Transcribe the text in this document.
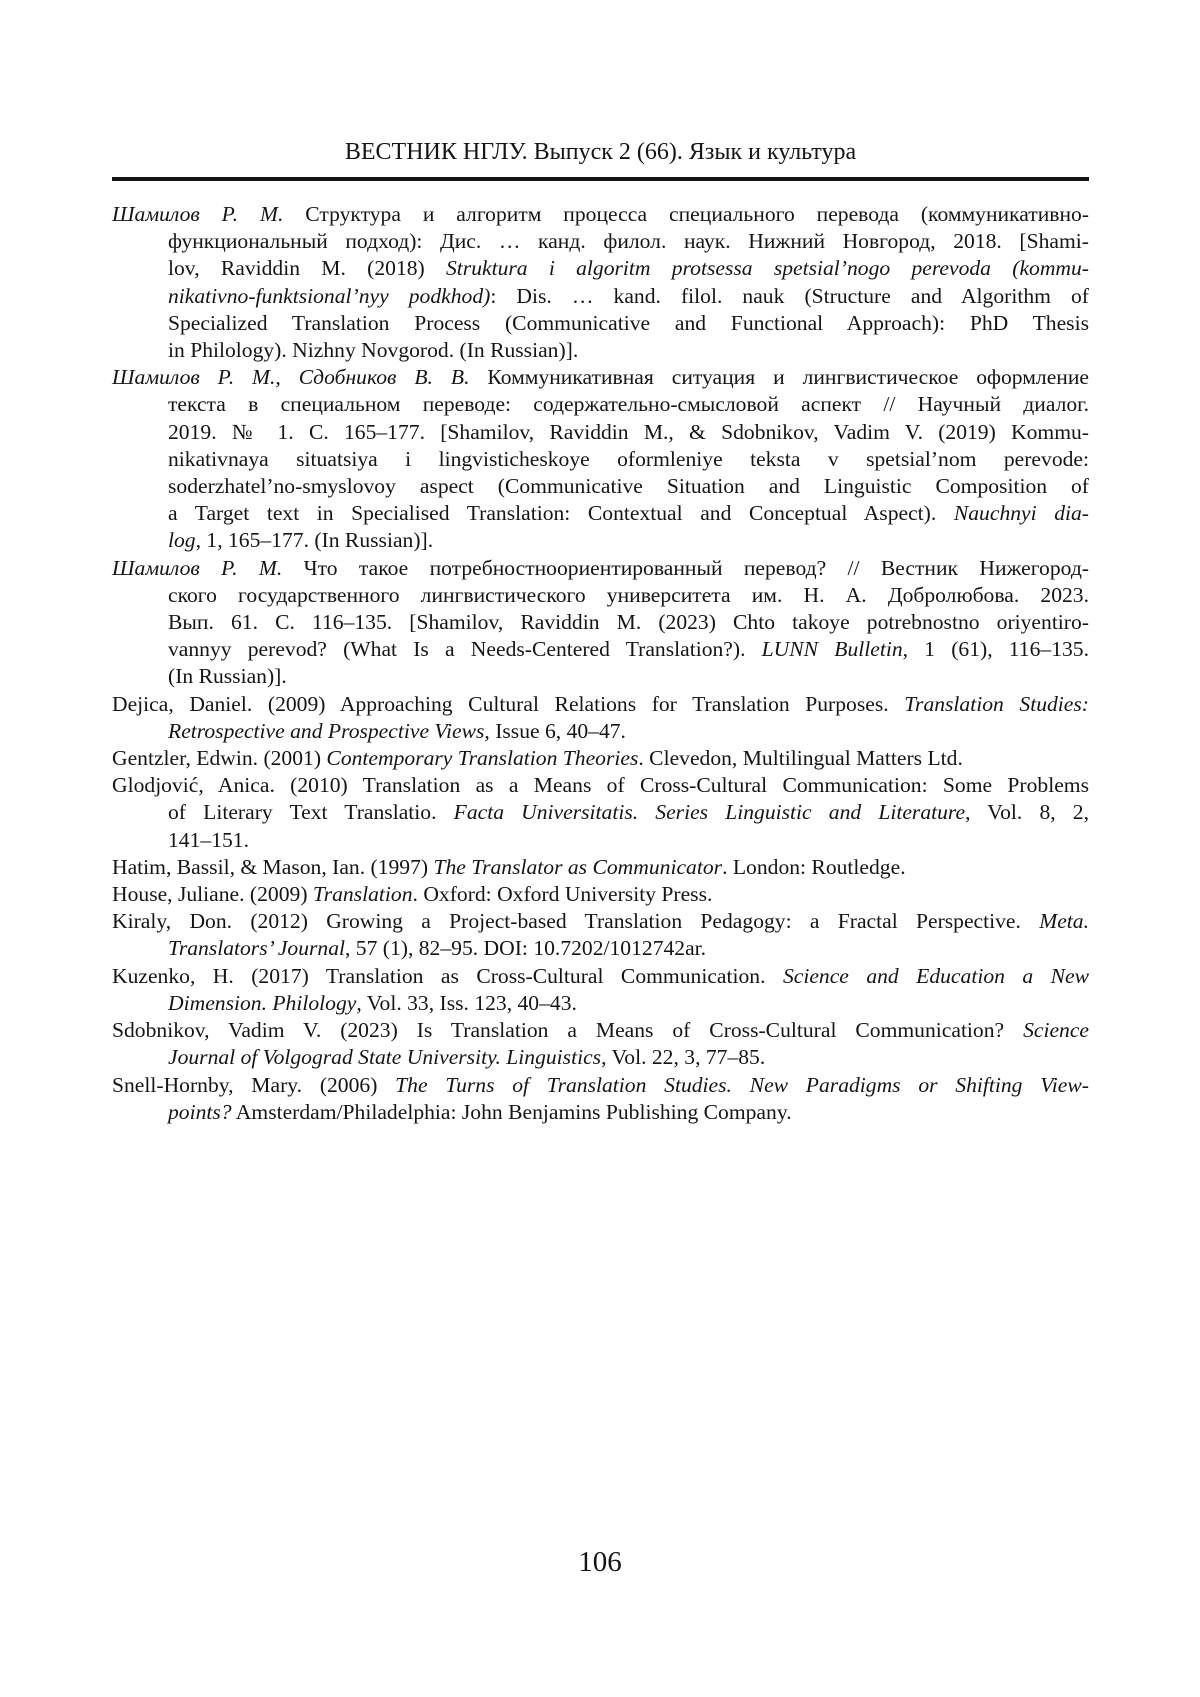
ВЕСТНИК НГЛУ. Выпуск 2 (66). Язык и культура
Шамилов Р. М. Структура и алгоритм процесса специального перевода (коммуникативно-
функциональный подход): Дис. … канд. филол. наук. Нижний Новгород, 2018. [Shami-
lov, Raviddin M. (2018) Struktura i algoritm protsessa spetsial’nogo perevoda (kommu-
nikativno-funktsional’nyy podkhod): Dis. … kand. filol. nauk (Structure and Algorithm of
Specialized Translation Process (Communicative and Functional Approach): PhD Thesis
in Philology). Nizhny Novgorod. (In Russian)].
Шамилов Р. М., Сдобников В. В. Коммуникативная ситуация и лингвистическое оформление
текста в специальном переводе: содержательно-смысловой аспект // Научный диалог.
2019. № 1. С. 165–177. [Shamilov, Raviddin M., & Sdobnikov, Vadim V. (2019) Kommu-
nikativnaya situatsiya i lingvisticheskoye oformleniye teksta v spetsial’nom perevode:
soderzhatel’no-smyslovoy aspect (Communicative Situation and Linguistic Composition of
a Target text in Specialised Translation: Contextual and Conceptual Aspect). Nauchnyi dia-
log, 1, 165–177. (In Russian)].
Шамилов Р. М. Что такое потребностноориентированный перевод? // Вестник Нижегород-
ского государственного лингвистического университета им. Н. А. Добролюбова. 2023.
Вып. 61. С. 116–135. [Shamilov, Raviddin M. (2023) Chto takoye potrebnostno oriyentiro-
vannyy perevod? (What Is a Needs-Centered Translation?). LUNN Bulletin, 1 (61), 116–135.
(In Russian)].
Dejica, Daniel. (2009) Approaching Cultural Relations for Translation Purposes. Translation Studies:
Retrospective and Prospective Views, Issue 6, 40–47.
Gentzler, Edwin. (2001) Contemporary Translation Theories. Clevedon, Multilingual Matters Ltd.
Glodjović, Anica. (2010) Translation as a Means of Cross-Cultural Communication: Some Problems
of Literary Text Translatio. Facta Universitatis. Series Linguistic and Literature, Vol. 8, 2,
141–151.
Hatim, Bassil, & Mason, Ian. (1997) The Translator as Communicator. London: Routledge.
House, Juliane. (2009) Translation. Oxford: Oxford University Press.
Kiraly, Don. (2012) Growing a Project-based Translation Pedagogy: a Fractal Perspective. Meta.
Translators’ Journal, 57 (1), 82–95. DOI: 10.7202/1012742ar.
Kuzenko, H. (2017) Translation as Cross-Cultural Communication. Science and Education a New
Dimension. Philology, Vol. 33, Iss. 123, 40–43.
Sdobnikov, Vadim V. (2023) Is Translation a Means of Cross-Cultural Communication? Science
Journal of Volgograd State University. Linguistics, Vol. 22, 3, 77–85.
Snell-Hornby, Mary. (2006) The Turns of Translation Studies. New Paradigms or Shifting View-
points? Amsterdam/Philadelphia: John Benjamins Publishing Company.
106
